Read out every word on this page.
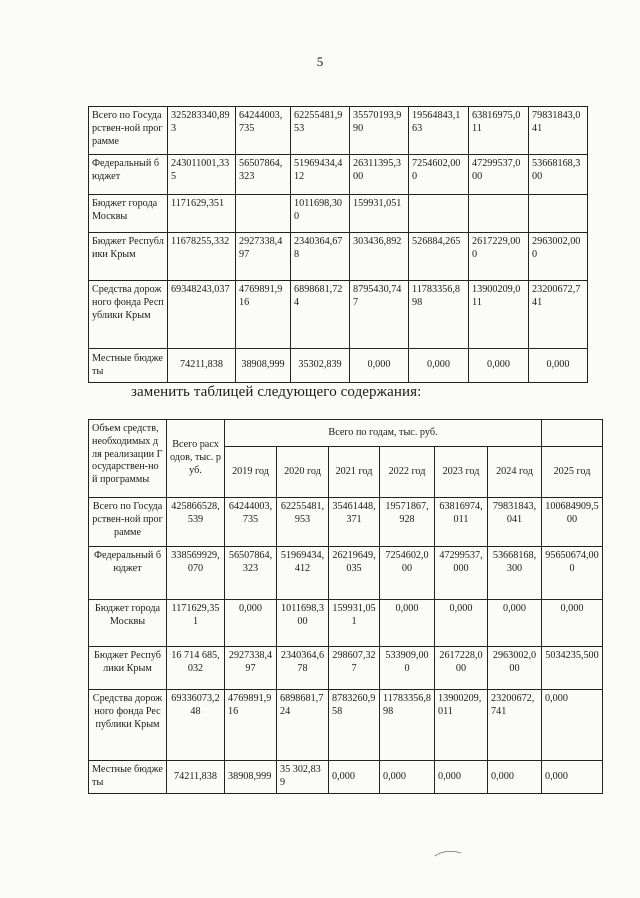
5
Всего по Государствен-ной программе	325283340,893	64244003,735	62255481,953	35570193,990	19564843,163	63816975,011	79831843,041
Федеральный бюджет	243011001,335	56507864,323	51969434,412	26311395,300	7254602,000	47299537,000	53668168,300
Бюджет города Москвы	1171629,351		1011698,300	159931,051			
Бюджет Республики Крым	11678255,332	2927338,497	2340364,678	303436,892	526884,265	2617229,000	2963002,000
Средства дорожного фонда Республики Крым	69348243,037	4769891,916	6898681,724	8795430,747	11783356,898	13900209,011	23200672,741
Местные бюджеты	74211,838	38908,999	35302,839	0,000	0,000	0,000	0,000
заменить таблицей следующего содержания:
Объем средств, необходимых для реализации Государствен-ной программы	Всего расходов, тыс. руб.	Всего по годам, тыс. руб.						
		2019 год	2020 год	2021 год	2022 год	2023 год	2024 год	2025 год
Всего по Государствен-ной программе	425866528,539	64244003,735	62255481,953	35461448,371	19571867,928	63816974,011	79831843,041	100684909,500
Федеральный бюджет	338569929,070	56507864,323	51969434,412	26219649,035	7254602,000	47299537,000	53668168,300	95650674,000
Бюджет города Москвы	1171629,351	0,000	1011698,300	159931,051	0,000	0,000	0,000	0,000
Бюджет Республики Крым	16 714 685,032	2927338,497	2340364,678	298607,327	533909,000	2617228,000	2963002,000	5034235,500
Средства дорожного фонда Республики Крым	69336073,248	4769891,916	6898681,724	8783260,958	11783356,898	13900209,011	23200672,741	0,000
Местные бюджеты	74211,838	38908,999	35 302,839	0,000	0,000	0,000	0,000	0,000
